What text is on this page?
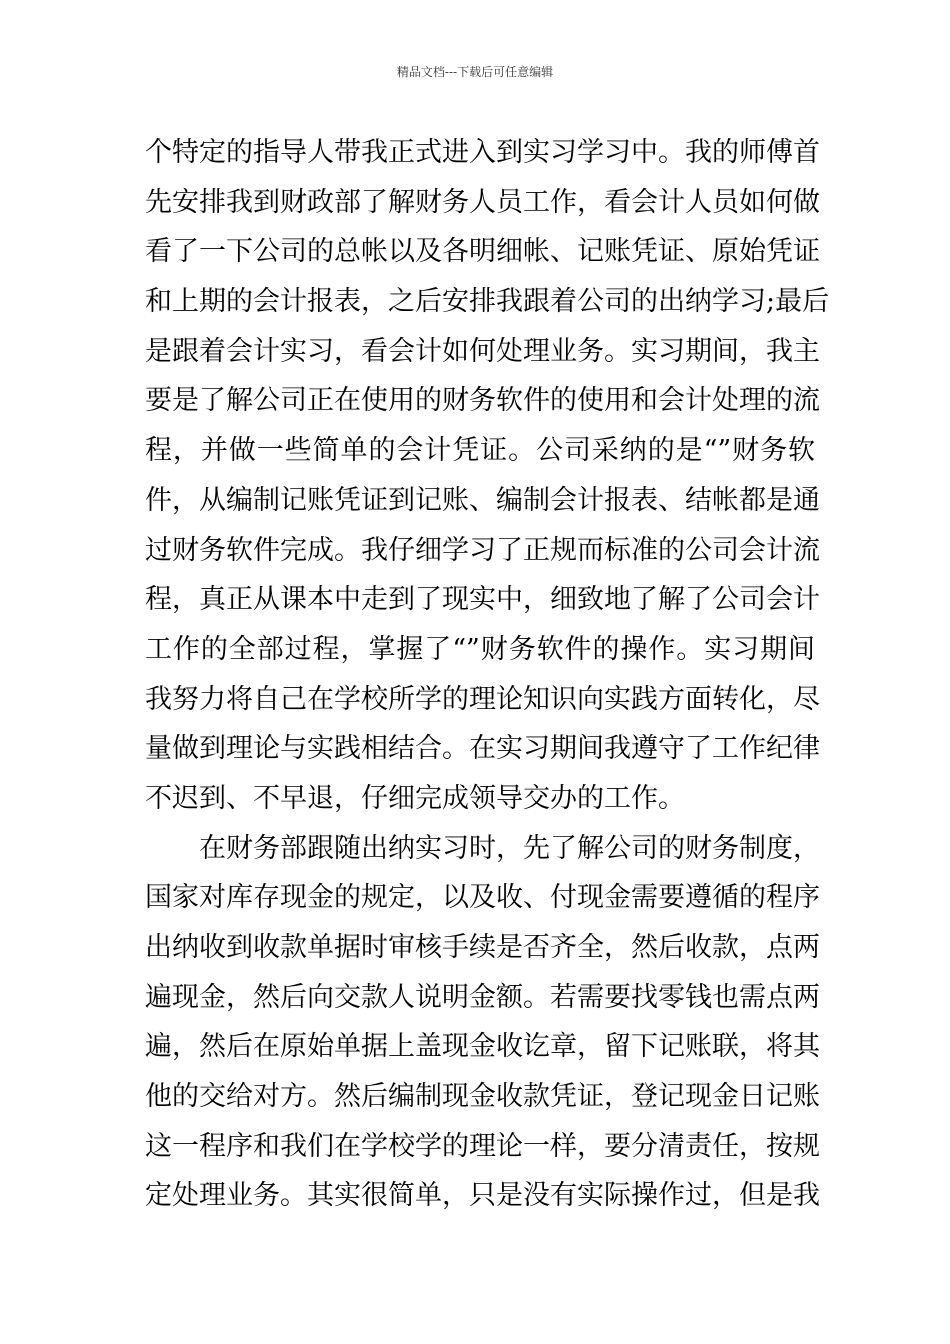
精品文档---下载后可任意编辑
个特定的指导人带我正式进入到实习学习中。我的师傅首
先安排我到财政部了解财务人员工作，看会计人员如何做
看了一下公司的总帐以及各明细帐、记账凭证、原始凭证
和上期的会计报表，之后安排我跟着公司的出纳学习;最后
是跟着会计实习，看会计如何处理业务。实习期间，我主
要是了解公司正在使用的财务软件的使用和会计处理的流
程，并做一些简单的会计凭证。公司采纳的是“”财务软
件，从编制记账凭证到记账、编制会计报表、结帐都是通
过财务软件完成。我仔细学习了正规而标准的公司会计流
程，真正从课本中走到了现实中，细致地了解了公司会计
工作的全部过程，掌握了“”财务软件的操作。实习期间
我努力将自己在学校所学的理论知识向实践方面转化，尽
量做到理论与实践相结合。在实习期间我遵守了工作纪律
不迟到、不早退，仔细完成领导交办的工作。
在财务部跟随出纳实习时，先了解公司的财务制度，
国家对库存现金的规定，以及收、付现金需要遵循的程序
出纳收到收款单据时审核手续是否齐全，然后收款，点两
遍现金，然后向交款人说明金额。若需要找零钱也需点两
遍，然后在原始单据上盖现金收讫章，留下记账联，将其
他的交给对方。然后编制现金收款凭证，登记现金日记账
这一程序和我们在学校学的理论一样，要分清责任，按规
定处理业务。其实很简单，只是没有实际操作过，但是我
